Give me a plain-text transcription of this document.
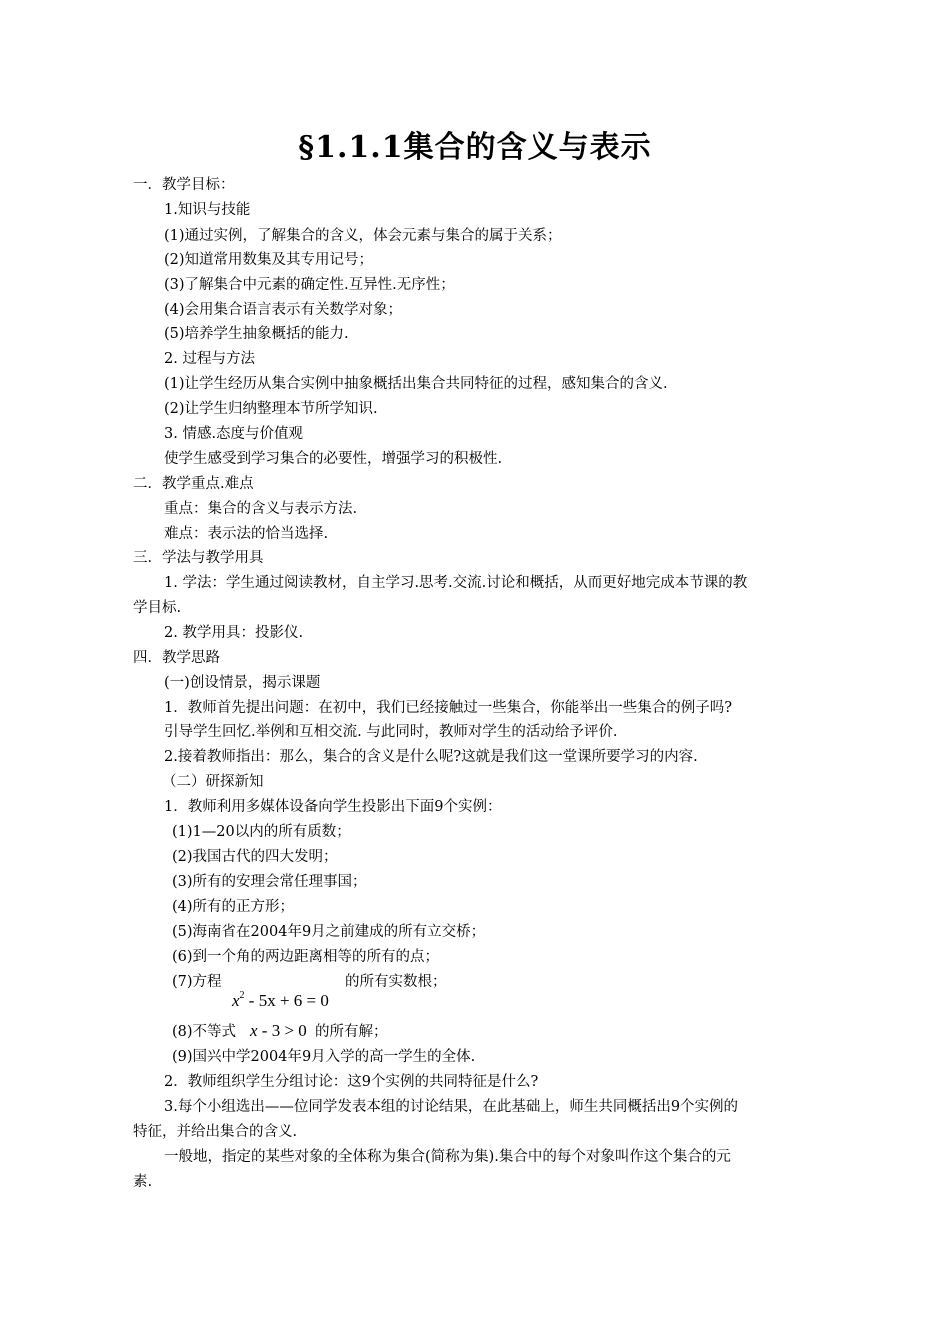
§1.1.1集合的含义与表示
一．教学目标：
1.知识与技能
(1)通过实例，了解集合的含义，体会元素与集合的属于关系；
(2)知道常用数集及其专用记号；
(3)了解集合中元素的确定性.互异性.无序性；
(4)会用集合语言表示有关数学对象；
(5)培养学生抽象概括的能力.
2. 过程与方法
(1)让学生经历从集合实例中抽象概括出集合共同特征的过程，感知集合的含义.
(2)让学生归纳整理本节所学知识.
3. 情感.态度与价值观
使学生感受到学习集合的必要性，增强学习的积极性.
二．教学重点.难点
重点：集合的含义与表示方法.
难点：表示法的恰当选择.
三．学法与教学用具
1. 学法：学生通过阅读教材，自主学习.思考.交流.讨论和概括，从而更好地完成本节课的教
学目标.
2. 教学用具：投影仪.
四．教学思路
(一)创设情景，揭示课题
1．教师首先提出问题：在初中，我们已经接触过一些集合，你能举出一些集合的例子吗?
引导学生回忆.举例和互相交流. 与此同时，教师对学生的活动给予评价.
2.接着教师指出：那么，集合的含义是什么呢?这就是我们这一堂课所要学习的内容.
（二）研探新知
1．教师利用多媒体设备向学生投影出下面9个实例：
(1)1—20以内的所有质数；
(2)我国古代的四大发明；
(3)所有的安理会常任理事国；
(4)所有的正方形；
(5)海南省在2004年9月之前建成的所有立交桥；
(6)到一个角的两边距离相等的所有的点；
(7)方程
$x^2 - 5x + 6 = 0$
的所有实数根；
(8)不等式 x - 3 > 0 的所有解；
(9)国兴中学2004年9月入学的高一学生的全体.
2．教师组织学生分组讨论：这9个实例的共同特征是什么?
3.每个小组选出——位同学发表本组的讨论结果，在此基础上，师生共同概括出9个实例的
特征，并给出集合的含义.
一般地，指定的某些对象的全体称为集合(简称为集).集合中的每个对象叫作这个集合的元
素.
